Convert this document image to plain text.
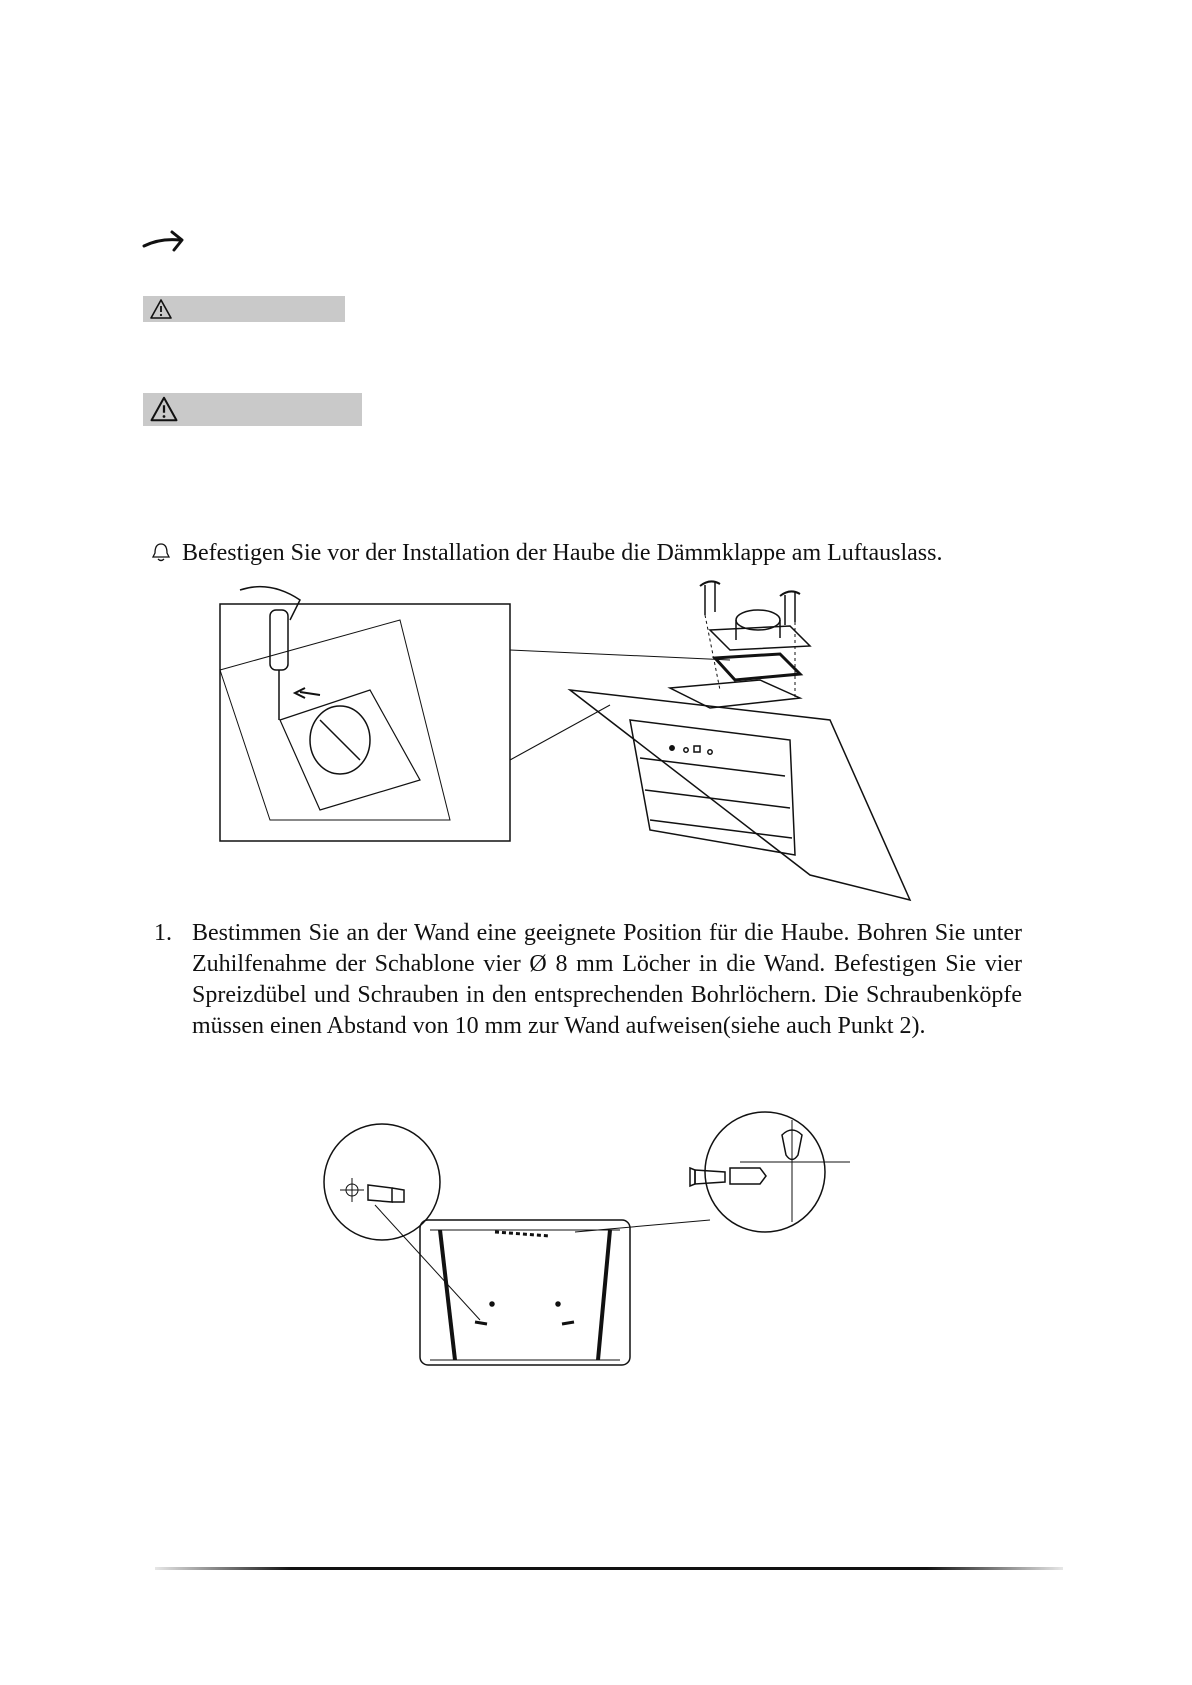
Befestigen Sie vor der Installation der Haube die Dämmklappe am Luftauslass.
1. Bestimmen Sie an der Wand eine geeignete Position für die Haube. Bohren Sie unter Zuhilfenahme der Schablone vier Ø 8 mm Löcher in die Wand. Befestigen Sie vier Spreizdübel und Schrauben in den entsprechenden Bohrlöchern. Die Schraubenköpfe müssen einen Abstand von 10 mm zur Wand aufweisen(siehe auch Punkt 2).
